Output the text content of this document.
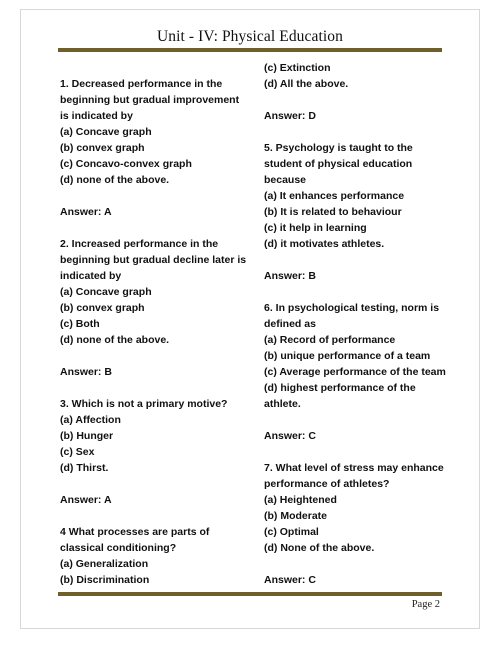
Unit - IV: Physical Education
1. Decreased performance in the
beginning but gradual improvement
is indicated by
(a) Concave graph
(b) convex graph
(c) Concavo-convex graph
(d) none of the above.
Answer: A
2. Increased performance in the
beginning but gradual decline later is
indicated by
(a) Concave graph
(b) convex graph
(c) Both
(d) none of the above.
Answer: B
3. Which is not a primary motive?
(a) Affection
(b) Hunger
(c) Sex
(d) Thirst.
Answer: A
4 What processes are parts of
classical conditioning?
(a) Generalization
(b) Discrimination
(c) Extinction
(d) All the above.
Answer: D
5. Psychology is taught to the
student of physical education
because
(a) It enhances performance
(b) It is related to behaviour
(c) it help in learning
(d) it motivates athletes.
Answer: B
6. In psychological testing, norm is
defined as
(a) Record of performance
(b) unique performance of a team
(c) Average performance of the team
(d) highest performance of the
athlete.
Answer: C
7. What level of stress may enhance
performance of athletes?
(a) Heightened
(b) Moderate
(c) Optimal
(d) None of the above.
Answer: C
Page 2
